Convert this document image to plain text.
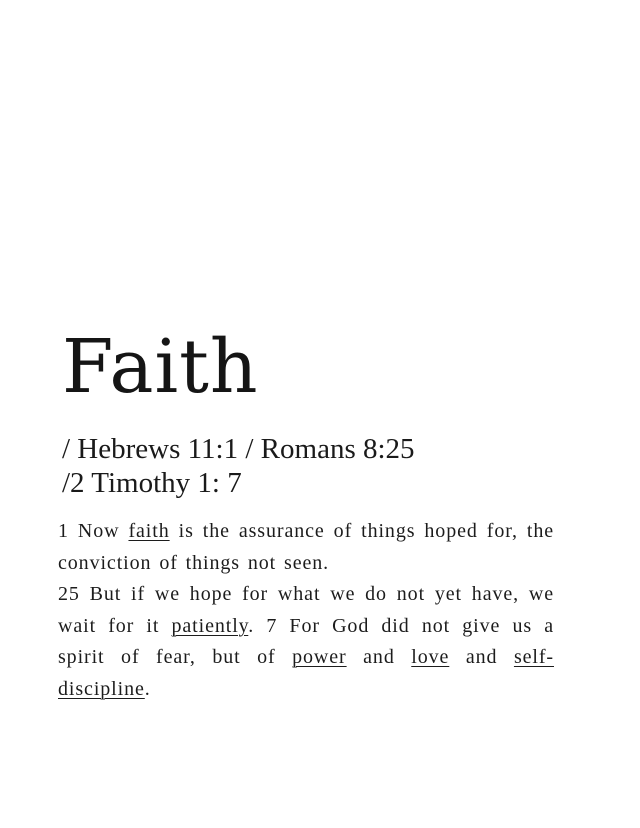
Faith
/ Hebrews 11:1 / Romans 8:25
/2 Timothy 1: 7

1 Now faith is the assurance of things hoped for, the conviction of things not seen.
25 But if we hope for what we do not yet have, we wait for it patiently. 7 For God did not give us a spirit of fear, but of power and love and self-discipline.
